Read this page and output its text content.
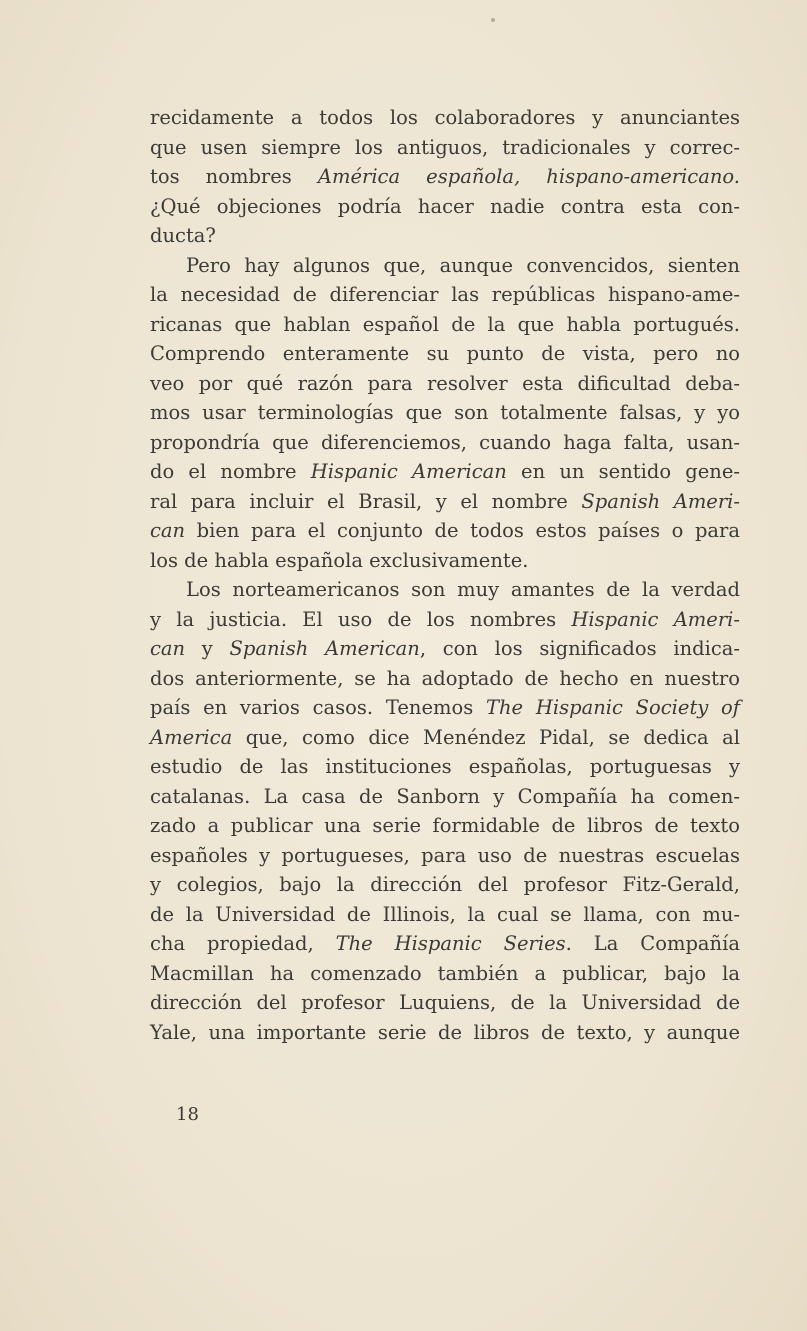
recidamente a todos los colaboradores y anunciantes
que usen siempre los antiguos, tradicionales y correc-
tos nombres América española, hispano-americano.
¿Qué objeciones podría hacer nadie contra esta con-
ducta?
Pero hay algunos que, aunque convencidos, sienten
la necesidad de diferenciar las repúblicas hispano-ame-
ricanas que hablan español de la que habla portugués.
Comprendo enteramente su punto de vista, pero no
veo por qué razón para resolver esta dificultad deba-
mos usar terminologías que son totalmente falsas, y yo
propondría que diferenciemos, cuando haga falta, usan-
do el nombre Hispanic American en un sentido gene-
ral para incluir el Brasil, y el nombre Spanish Ameri-
can bien para el conjunto de todos estos países o para
los de habla española exclusivamente.
Los norteamericanos son muy amantes de la verdad
y la justicia. El uso de los nombres Hispanic Ameri-
can y Spanish American, con los significados indica-
dos anteriormente, se ha adoptado de hecho en nuestro
país en varios casos. Tenemos The Hispanic Society of
America que, como dice Menéndez Pidal, se dedica al
estudio de las instituciones españolas, portuguesas y
catalanas. La casa de Sanborn y Compañía ha comen-
zado a publicar una serie formidable de libros de texto
españoles y portugueses, para uso de nuestras escuelas
y colegios, bajo la dirección del profesor Fitz-Gerald,
de la Universidad de Illinois, la cual se llama, con mu-
cha propiedad, The Hispanic Series. La Compañía
Macmillan ha comenzado también a publicar, bajo la
dirección del profesor Luquiens, de la Universidad de
Yale, una importante serie de libros de texto, y aunque
18
